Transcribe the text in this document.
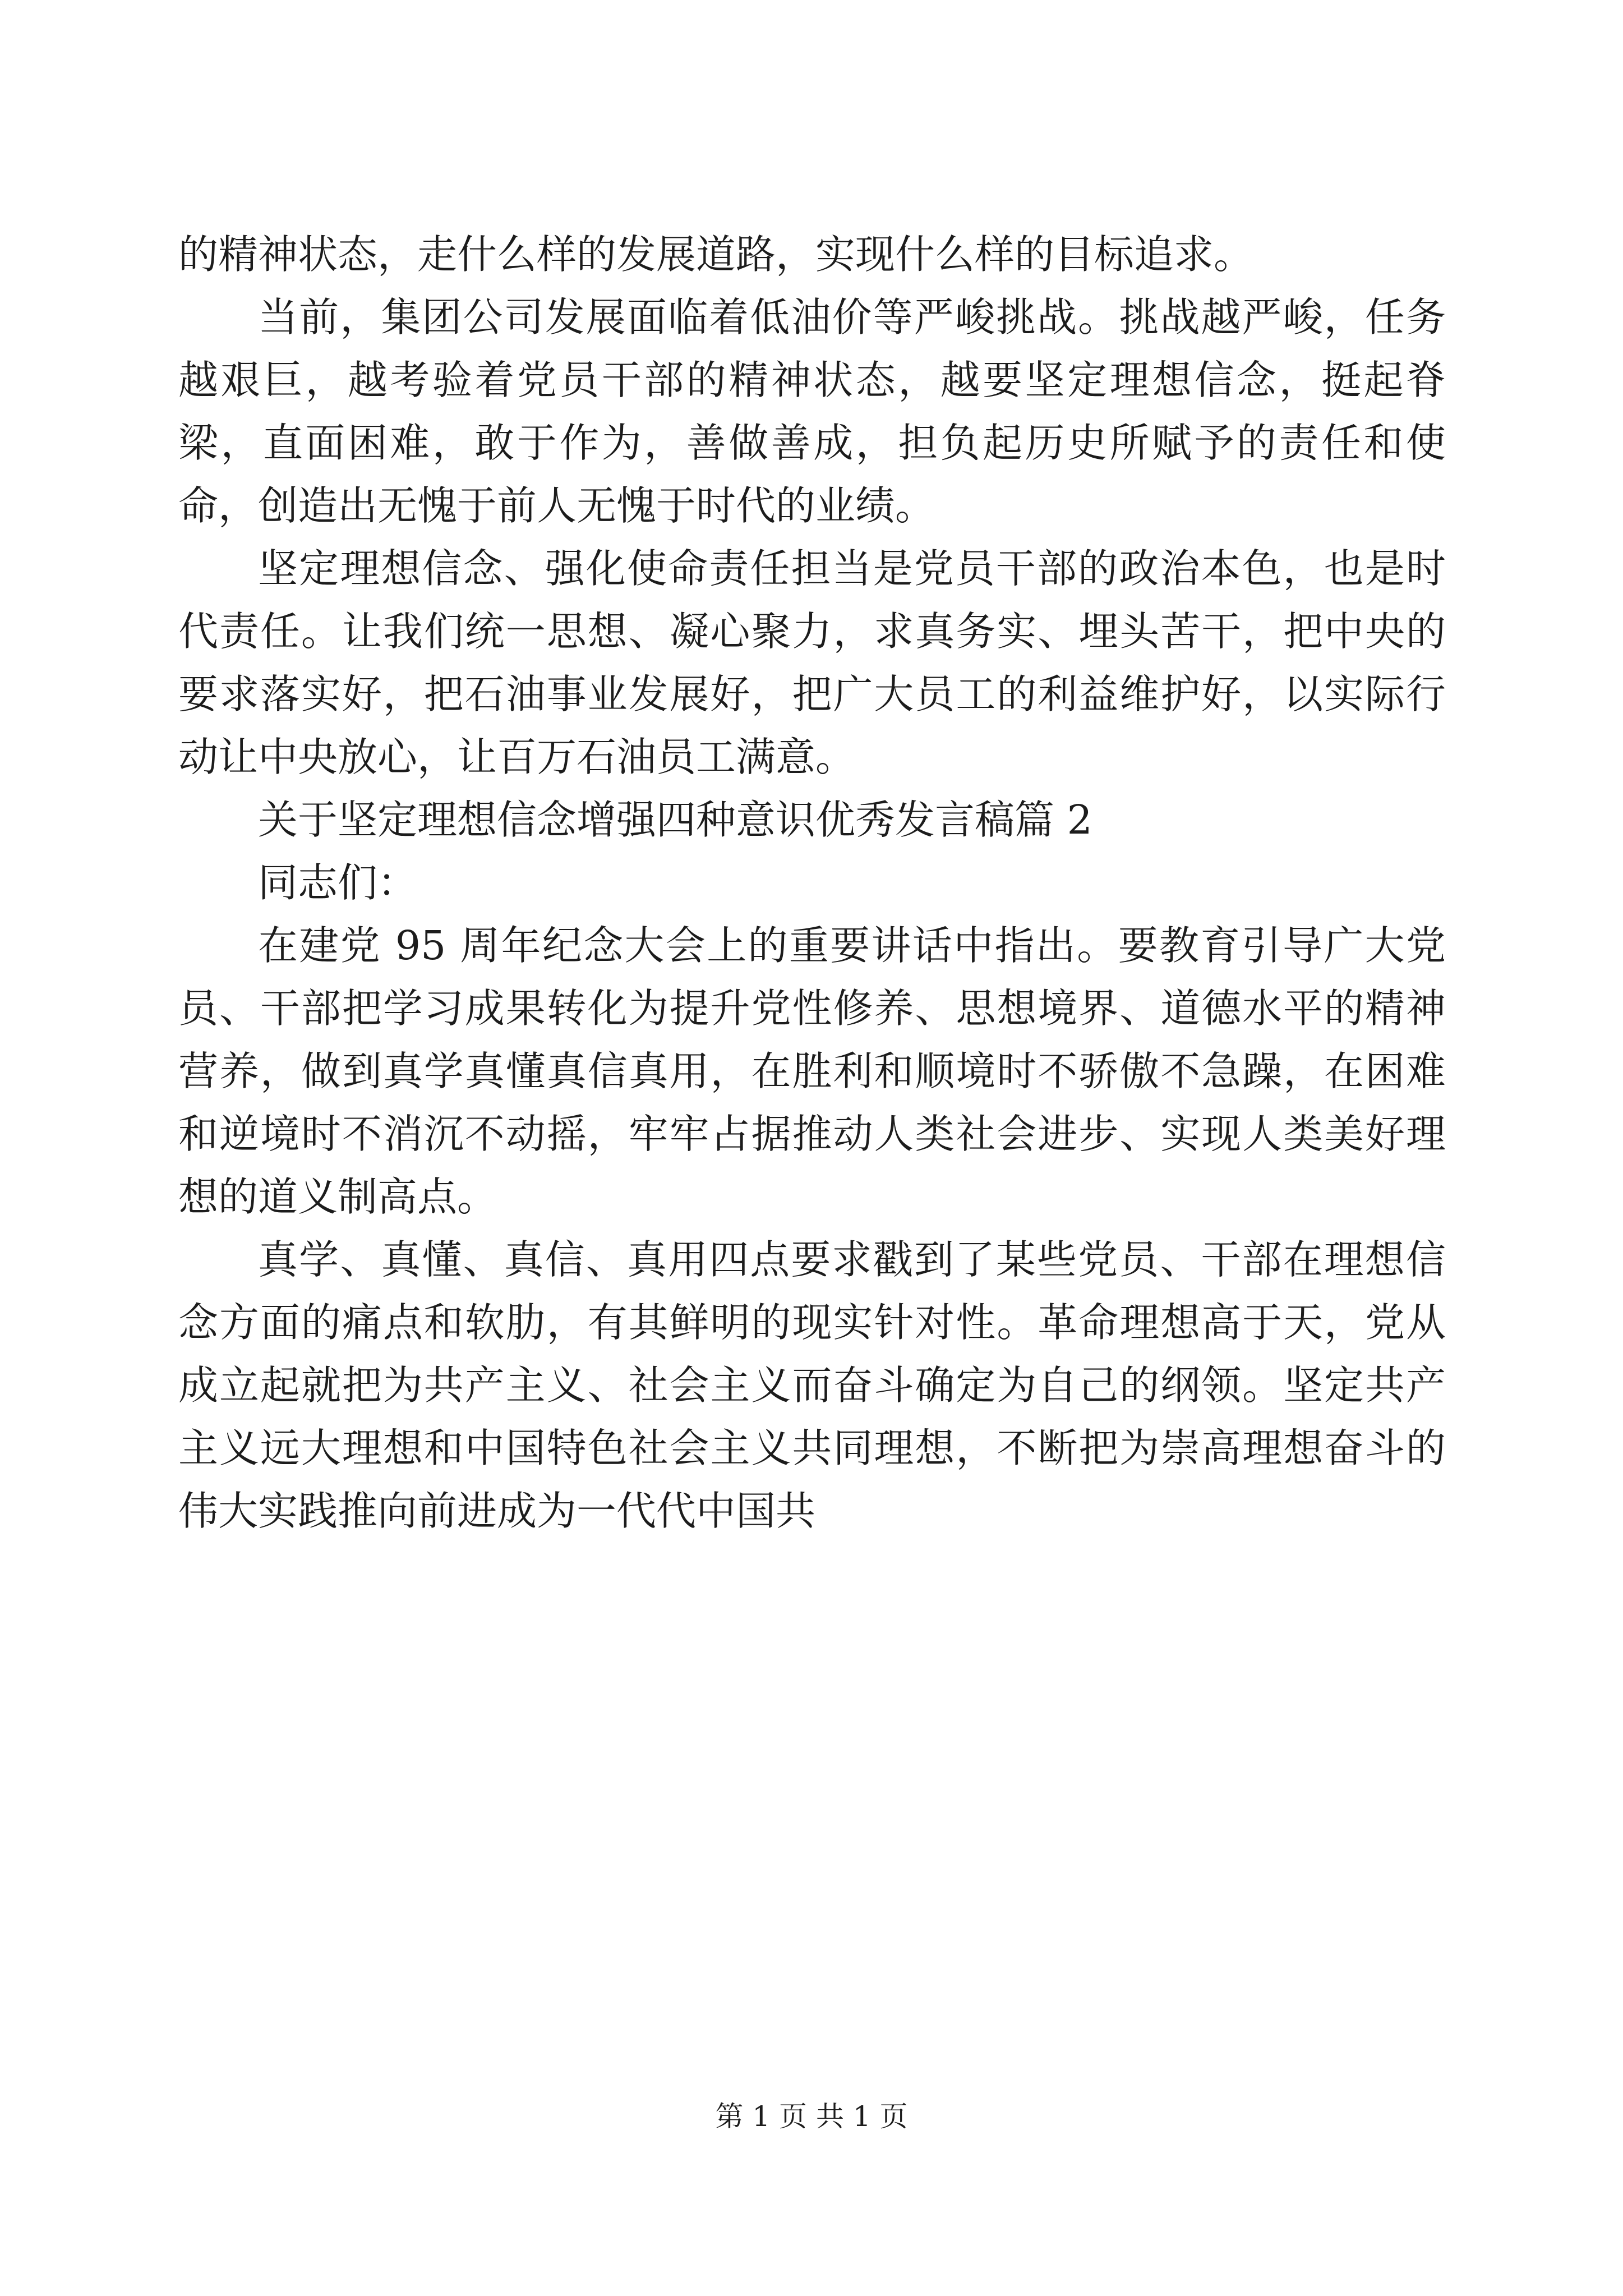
的精神状态，走什么样的发展道路，实现什么样的目标追求。

当前，集团公司发展面临着低油价等严峻挑战。挑战越严峻，任务越艰巨，越考验着党员干部的精神状态，越要坚定理想信念，挺起脊梁，直面困难，敢于作为，善做善成，担负起历史所赋予的责任和使命，创造出无愧于前人无愧于时代的业绩。

坚定理想信念、强化使命责任担当是党员干部的政治本色，也是时代责任。让我们统一思想、凝心聚力，求真务实、埋头苦干，把中央的要求落实好，把石油事业发展好，把广大员工的利益维护好，以实际行动让中央放心，让百万石油员工满意。

关于坚定理想信念增强四种意识优秀发言稿篇 2

同志们：

在建党 95 周年纪念大会上的重要讲话中指出。要教育引导广大党员、干部把学习成果转化为提升党性修养、思想境界、道德水平的精神营养，做到真学真懂真信真用，在胜利和顺境时不骄傲不急躁，在困难和逆境时不消沉不动摇，牢牢占据推动人类社会进步、实现人类美好理想的道义制高点。

真学、真懂、真信、真用四点要求戳到了某些党员、干部在理想信念方面的痛点和软肋，有其鲜明的现实针对性。革命理想高于天，党从成立起就把为共产主义、社会主义而奋斗确定为自己的纲领。坚定共产主义远大理想和中国特色社会主义共同理想，不断把为崇高理想奋斗的伟大实践推向前进成为一代代中国共

第 1 页 共 1 页
